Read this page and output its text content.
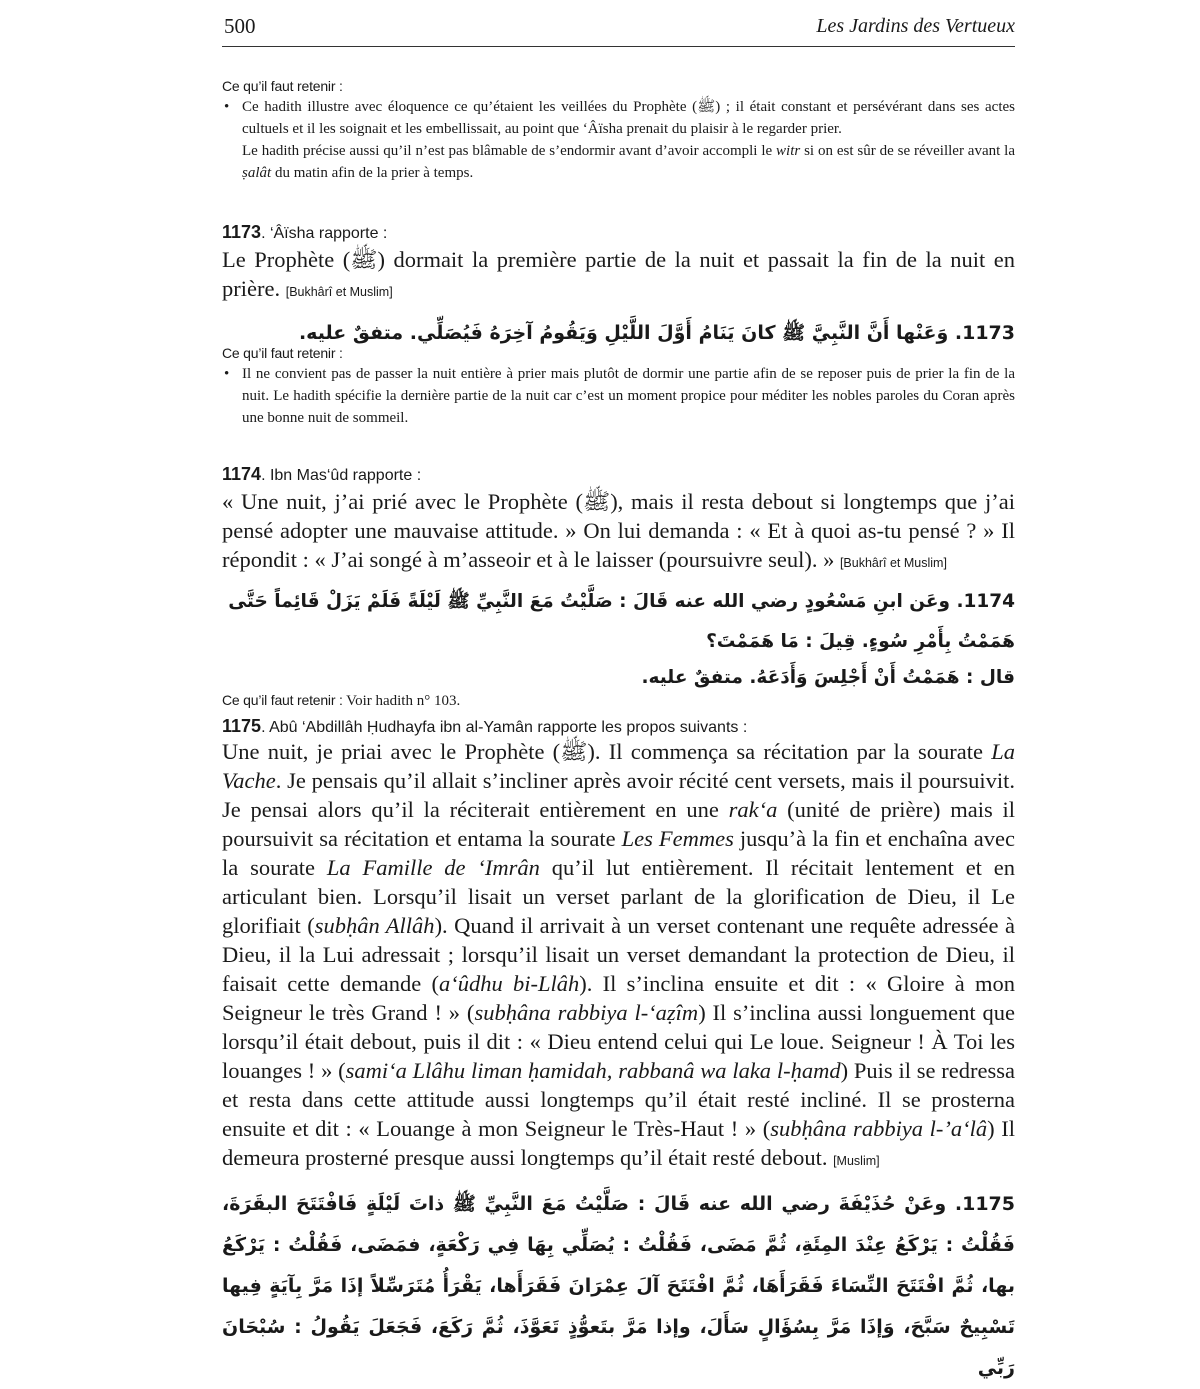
500	Les Jardins des Vertueux
Ce qu’il faut retenir :
• Ce hadith illustre avec éloquence ce qu’étaient les veillées du Prophète (ﷺ) ; il était constant et persévérant dans ses actes cultuels et il les soignait et les embellissait, au point que ‘Âïsha prenait du plaisir à le regarder prier.
Le hadith précise aussi qu’il n’est pas blâmable de s’endormir avant d’avoir accompli le witr si on est sûr de se réveiller avant la ṣalât du matin afin de la prier à temps.
1173. ‘Âïsha rapporte :
Le Prophète (ﷺ) dormait la première partie de la nuit et passait la fin de la nuit en prière. [Bukhârî et Muslim]
1173. وَعَنْها أَنَّ النَّبِيَّ ﷺ كانَ يَنَامُ أَوَّلَ اللَّيْلِ وَيَقُومُ آخِرَهُ فَيُصَلِّي. متفقٌ عليه.
Ce qu’il faut retenir :
• Il ne convient pas de passer la nuit entière à prier mais plutôt de dormir une partie afin de se reposer puis de prier la fin de la nuit. Le hadith spécifie la dernière partie de la nuit car c’est un moment propice pour méditer les nobles paroles du Coran après une bonne nuit de sommeil.
1174. Ibn Mas‘ûd rapporte :
« Une nuit, j’ai prié avec le Prophète (ﷺ), mais il resta debout si longtemps que j’ai pensé adopter une mauvaise attitude. » On lui demanda : « Et à quoi as-tu pensé ? » Il répondit : « J’ai songé à m’asseoir et à le laisser (poursuivre seul). » [Bukhârî et Muslim]
1174. وعَن ابنِ مَسْعُودٍ رضي الله عنه قَالَ : صَلَّيْتُ مَعَ النَّبِيِّ ﷺ لَيْلَةً فَلَمْ يَزَلْ قَائِماً حَتَّى هَمَمْتُ بِأَمْرِ سُوءٍ. قِيلَ : مَا هَمَمْتَ؟
قال : هَمَمْتُ أَنْ أَجْلِسَ وَأَدَعَهُ. متفقٌ عليه.
Ce qu’il faut retenir : Voir hadith n° 103.
1175. Abû ‘Abdillâh Ḥudhayfa ibn al-Yamân rapporte les propos suivants :
Une nuit, je priai avec le Prophète (ﷺ). Il commença sa récitation par la sourate La Vache. Je pensais qu’il allait s’incliner après avoir récité cent versets, mais il poursuivit. Je pensai alors qu’il la réciterait entièrement en une rak‘a (unité de prière) mais il poursuivit sa récitation et entama la sourate Les Femmes jusqu’à la fin et enchaîna avec la sourate La Famille de ‘Imrân qu’il lut entièrement. Il récitait lentement et en articulant bien. Lorsqu’il lisait un verset parlant de la glorification de Dieu, il Le glorifiait (subḥân Allâh). Quand il arrivait à un verset contenant une requête adressée à Dieu, il la Lui adressait ; lorsqu’il lisait un verset demandant la protection de Dieu, il faisait cette demande (a‘ûdhu bi-Llâh). Il s’inclina ensuite et dit : « Gloire à mon Seigneur le très Grand ! » (subḥâna rabbiya l-‘aẓîm) Il s’inclina aussi longuement que lorsqu’il était debout, puis il dit : « Dieu entend celui qui Le loue. Seigneur ! À Toi les louanges ! » (sami‘a Llâhu liman ḥamidah, rabbanâ wa laka l-ḥamd) Puis il se redressa et resta dans cette attitude aussi longtemps qu’il était resté incliné. Il se prosterna ensuite et dit : « Louange à mon Seigneur le Très-Haut ! » (subḥâna rabbiya l-’a‘lâ) Il demeura prosterné presque aussi longtemps qu’il était resté debout. [Muslim]
1175. وعَنْ حُذَيْفَةَ رضي الله عنه قَالَ : صَلَّيْتُ مَعَ النَّبِيِّ ﷺ ذاتَ لَيْلَةٍ فَافْتَتَحَ البقَرَةَ، فَقُلْتُ : يَرْكَعُ عِنْدَ المِئَةِ، ثُمَّ مَضَى، فَقُلْتُ : يُصَلِّي بِهَا فِي رَكْعَةٍ، فمَضَى، فَقُلْتُ : يَرْكَعُ بها، ثُمَّ افْتَتَحَ النِّسَاءَ فَقَرَأَهَا، ثُمَّ افْتَتَحَ آلَ عِمْرَانَ فَقَرَأَها، يَقْرَأُ مُتَرَسِّلاً إذَا مَرَّ بِآيَةٍ فِيها تَسْبِيحٌ سَبَّحَ، وَإذَا مَرَّ بِسُؤَالٍ سَأَلَ، وإذا مَرَّ بتَعوُّذٍ تَعَوَّذَ، ثُمَّ رَكَعَ، فَجَعَلَ يَقُولُ : سُبْحَانَ رَبِّي
